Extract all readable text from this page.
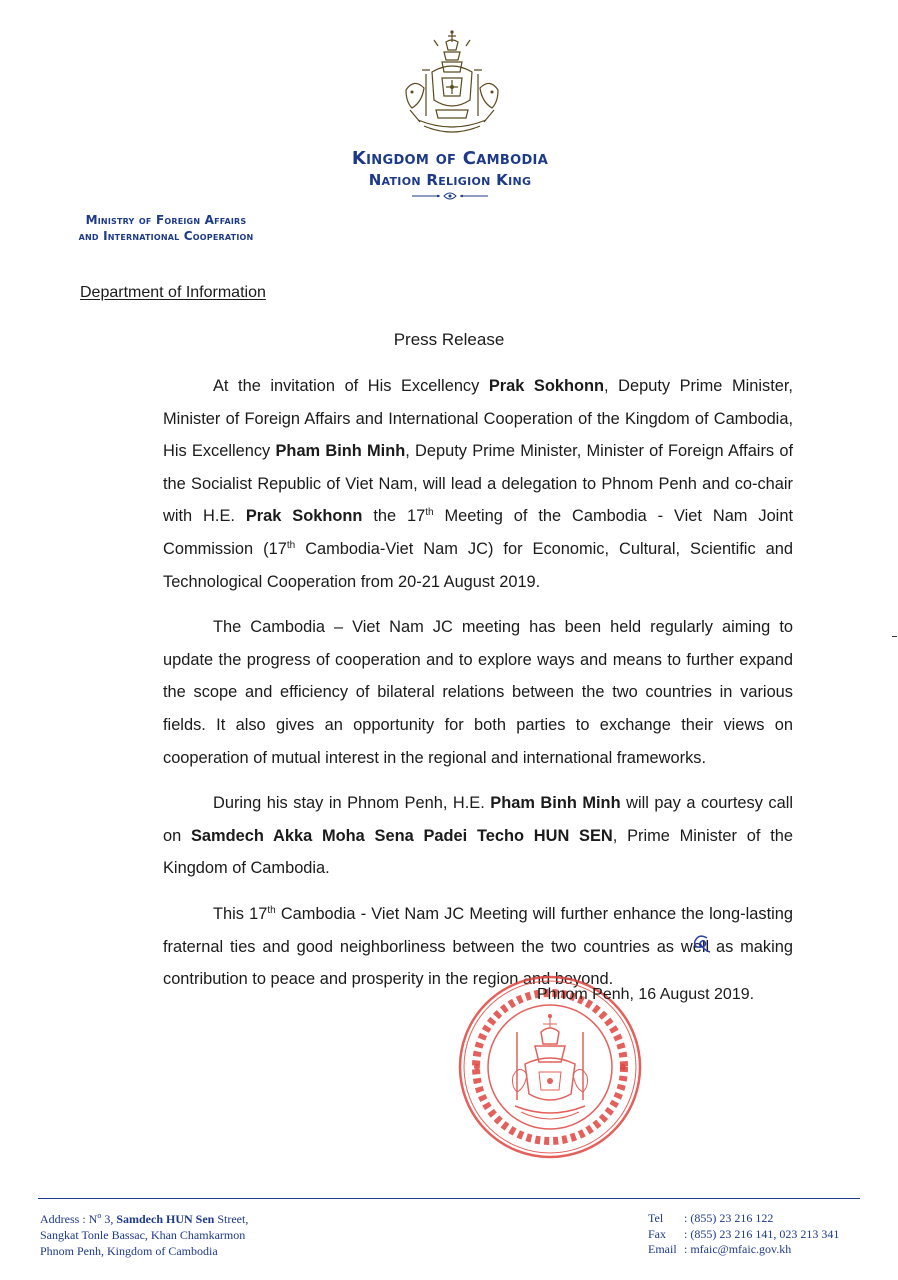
Kingdom of Cambodia
Nation Religion King
Ministry of Foreign Affairs
and International Cooperation
Department of Information
Press Release

At the invitation of His Excellency Prak Sokhonn, Deputy Prime Minister, Minister of Foreign Affairs and International Cooperation of the Kingdom of Cambodia, His Excellency Pham Binh Minh, Deputy Prime Minister, Minister of Foreign Affairs of the Socialist Republic of Viet Nam, will lead a delegation to Phnom Penh and co-chair with H.E. Prak Sokhonn the 17th Meeting of the Cambodia - Viet Nam Joint Commission (17th Cambodia-Viet Nam JC) for Economic, Cultural, Scientific and Technological Cooperation from 20-21 August 2019.

The Cambodia – Viet Nam JC meeting has been held regularly aiming to update the progress of cooperation and to explore ways and means to further expand the scope and efficiency of bilateral relations between the two countries in various fields. It also gives an opportunity for both parties to exchange their views on cooperation of mutual interest in the regional and international frameworks.

During his stay in Phnom Penh, H.E. Pham Binh Minh will pay a courtesy call on Samdech Akka Moha Sena Padei Techo HUN SEN, Prime Minister of the Kingdom of Cambodia.

This 17th Cambodia - Viet Nam JC Meeting will further enhance the long-lasting fraternal ties and good neighborliness between the two countries as well as making contribution to peace and prosperity in the region and beyond.

Phnom Penh, 16 August 2019.
Address : $N^o$ 3, Samdech HUN Sen Street,
Sangkat Tonle Bassac, Khan Chamkarmon
Phnom Penh, Kingdom of Cambodia
Tel : (855) 23 216 122
Fax : (855) 23 216 141, 023 213 341
Email : mfaic@mfaic.gov.kh
